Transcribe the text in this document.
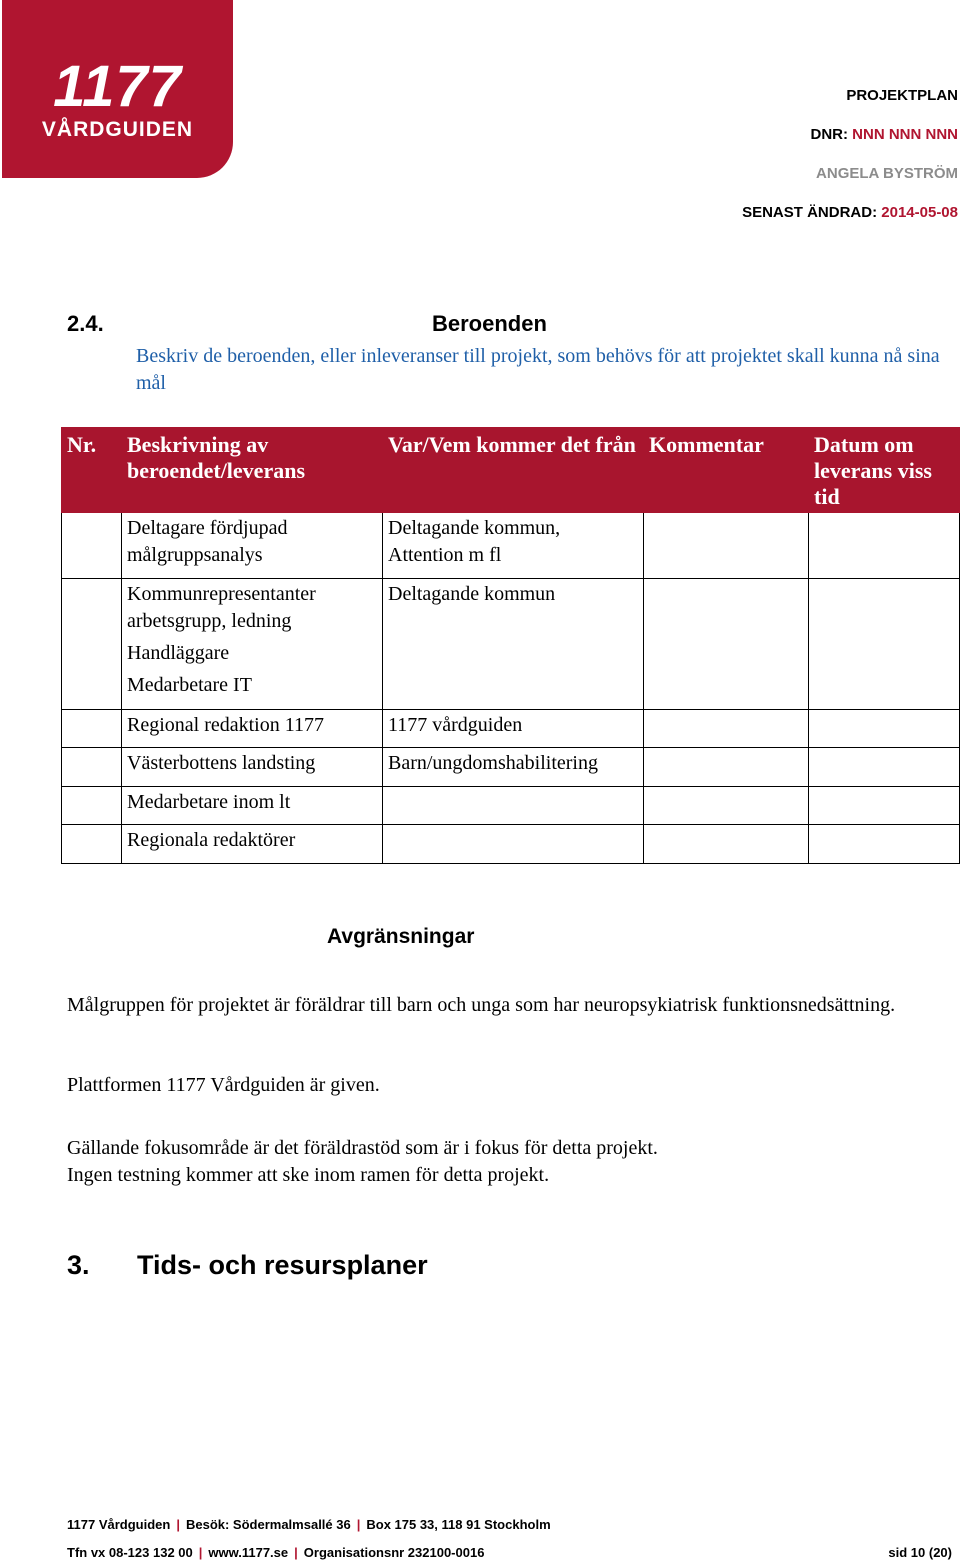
1177
VÅRDGUIDEN
PROJEKTPLAN
DNR: NNN NNN NNN
ANGELA BYSTRÖM
SENAST ÄNDRAD: 2014-05-08
2.4.	Beroenden
Beskriv de beroenden, eller inleveranser till projekt, som behövs för att projektet skall kunna nå sina mål
Nr.	Beskrivning av beroendet/leverans	Var/Vem kommer det från	Kommentar	Datum om leverans viss tid
	Deltagare fördjupad målgruppsanalys	Deltagande kommun, Attention m fl		

	Kommunrepresentanter arbetsgrupp, ledning
Handläggare
Medarbetare IT	Deltagande kommun		
	Regional redaktion 1177	1177 vårdguiden		
	Västerbottens landsting	Barn/ungdomshabilitering		
	Medarbetare inom lt			
	Regionala redaktörer			
Avgränsningar
Målgruppen för projektet är föräldrar till barn och unga som har neuropsykiatrisk funktionsnedsättning.
Plattformen 1177 Vårdguiden är given.
Gällande fokusområde är det föräldrastöd som är i fokus för detta projekt.
Ingen testning kommer att ske inom ramen för detta projekt.
3. Tids- och resursplaner
1177 Vårdguiden | Besök: Södermalmsallé 36 | Box 175 33, 118 91 Stockholm
Tfn vx 08-123 132 00 | www.1177.se | Organisationsnr 232100-0016	sid 10 (20)
